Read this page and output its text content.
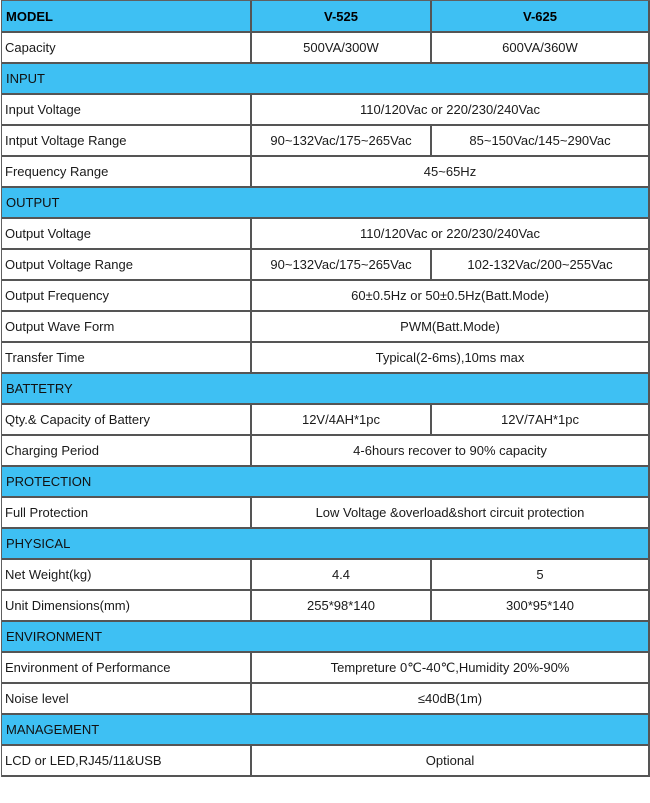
MODEL	V-525	V-625
Capacity	500VA/300W	600VA/360W
INPUT		
Input Voltage	110/120Vac or 220/230/240Vac	
Intput Voltage Range	90~132Vac/175~265Vac	85~150Vac/145~290Vac
Frequency Range	45~65Hz	
OUTPUT		
Output Voltage	110/120Vac or 220/230/240Vac	
Output Voltage Range	90~132Vac/175~265Vac	102-132Vac/200~255Vac
Output Frequency	60±0.5Hz or 50±0.5Hz(Batt.Mode)	
Output Wave Form	PWM(Batt.Mode)	
Transfer Time	Typical(2-6ms),10ms max	
BATTETRY		
Qty.& Capacity of Battery	12V/4AH*1pc	12V/7AH*1pc
Charging Period	4-6hours recover to 90% capacity	
PROTECTION		
Full Protection	Low Voltage &overload&short circuit protection	
PHYSICAL		
Net Weight(kg)	4.4	5
Unit Dimensions(mm)	255*98*140	300*95*140
ENVIRONMENT		
Environment of Performance	Tempreture 0℃-40℃,Humidity 20%-90%	
Noise level	≤40dB(1m)	
MANAGEMENT		
LCD or LED,RJ45/11&USB	Optional	
